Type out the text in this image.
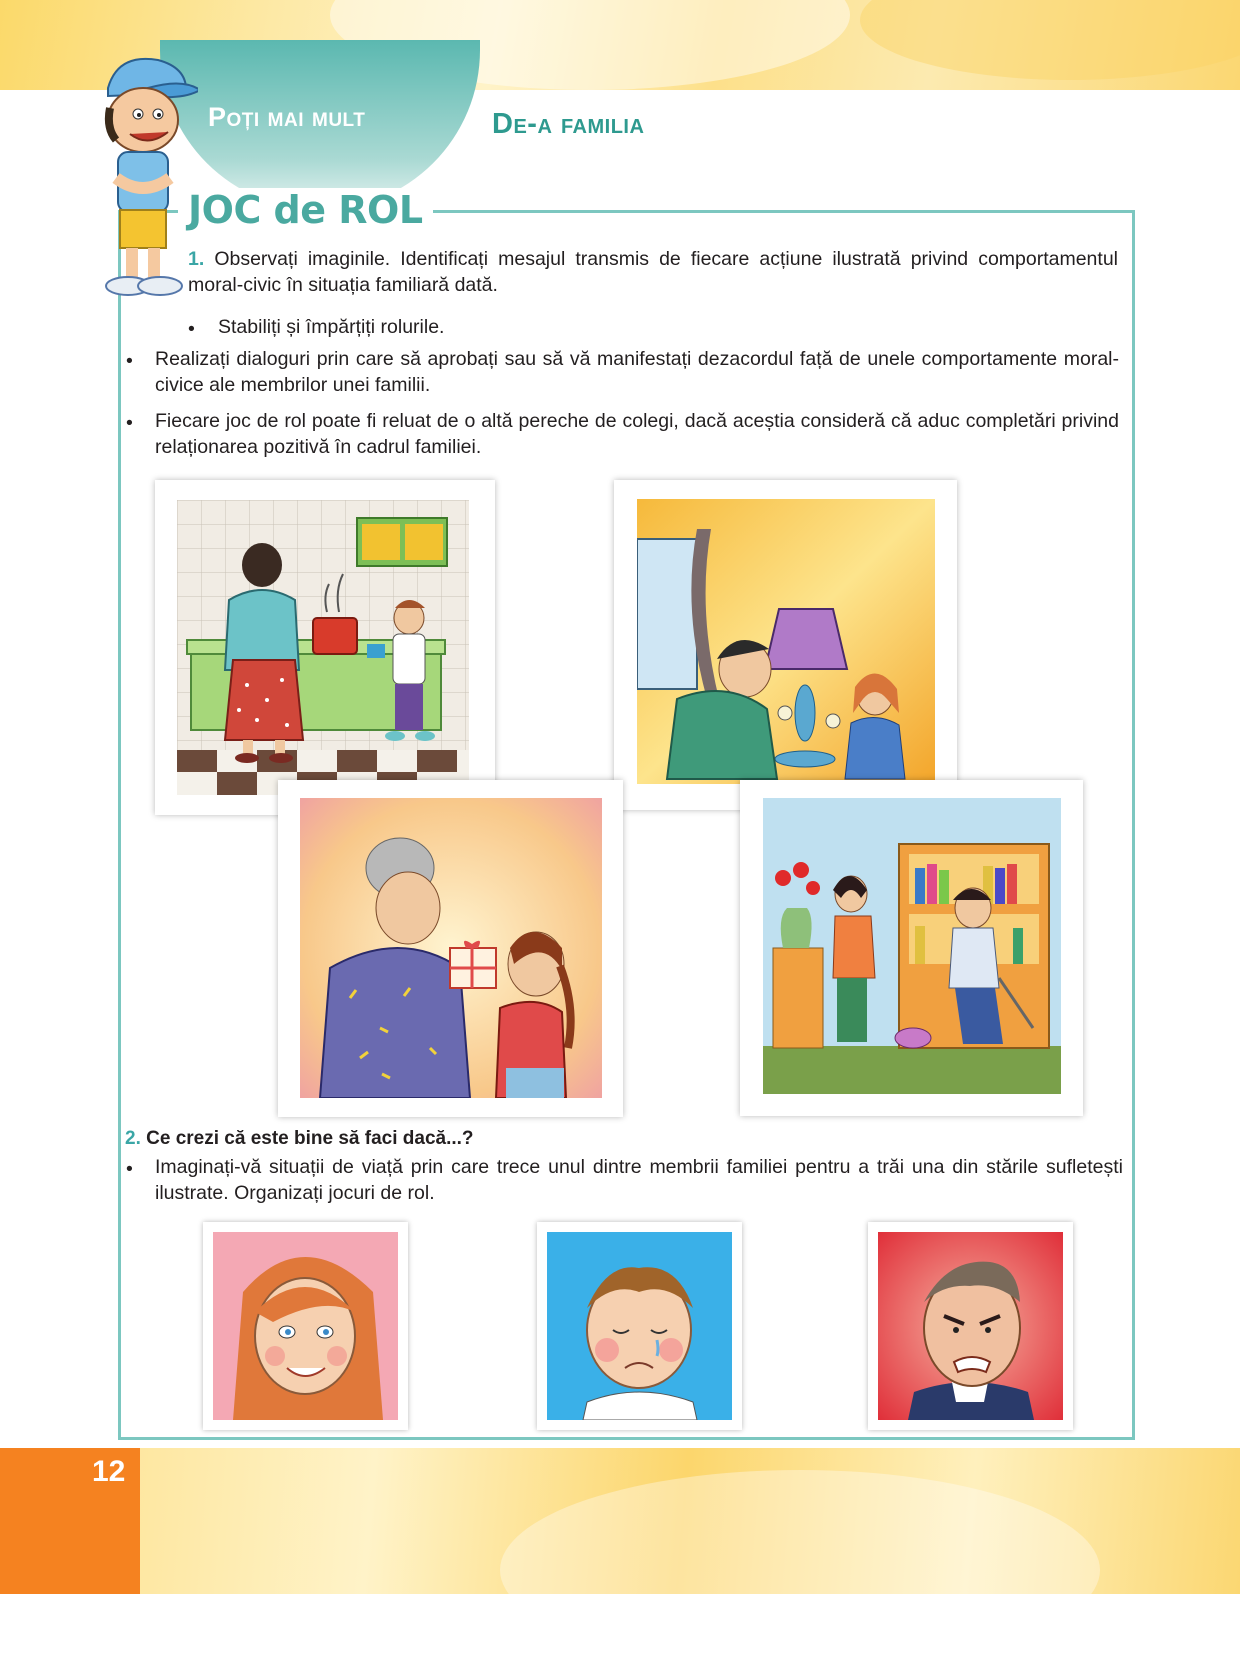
12
Poți mai mult	De-a familia
JOC de ROL
1. Observați imaginile. Identificați mesajul transmis de fiecare acțiune ilustrată privind comportamentul moral-civic în situația familiară dată.
• Stabiliți și împărțiți rolurile.
• Realizați dialoguri prin care să aprobați sau să vă manifestați dezacordul față de unele comportamente moral-civice ale membrilor unei familii.
• Fiecare joc de rol poate fi reluat de o altă pereche de colegi, dacă aceștia consideră că aduc completări privind relaționarea pozitivă în cadrul familiei.
2. Ce crezi că este bine să faci dacă...?
• Imaginați-vă situații de viață prin care trece unul dintre membrii familiei pentru a trăi una din stările sufletești ilustrate. Organizați jocuri de rol.
